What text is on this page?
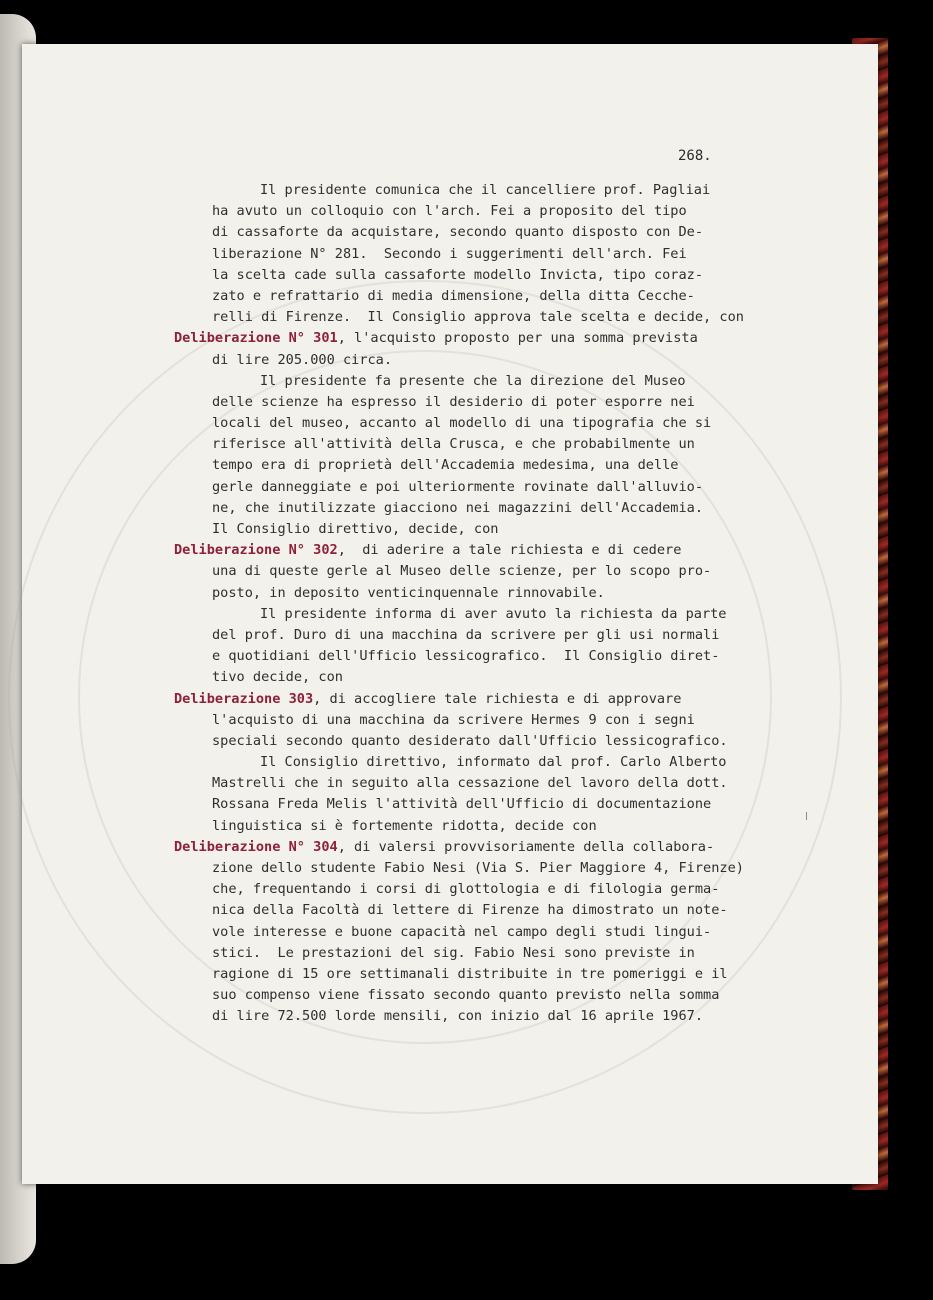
268.
Il presidente comunica che il cancelliere prof. Pagliai
ha avuto un colloquio con l'arch. Fei a proposito del tipo
di cassaforte da acquistare, secondo quanto disposto con De-
liberazione N° 281.  Secondo i suggerimenti dell'arch. Fei
la scelta cade sulla cassaforte modello Invicta, tipo coraz-
zato e refrattario di media dimensione, della ditta Cecche-
relli di Firenze.  Il Consiglio approva tale scelta e decide, con
Deliberazione N° 301, l'acquisto proposto per una somma prevista
di lire 205.000 circa.
Il presidente fa presente che la direzione del Museo
delle scienze ha espresso il desiderio di poter esporre nei
locali del museo, accanto al modello di una tipografia che si
riferisce all'attività della Crusca, e che probabilmente un
tempo era di proprietà dell'Accademia medesima, una delle
gerle danneggiate e poi ulteriormente rovinate dall'alluvio-
ne, che inutilizzate giacciono nei magazzini dell'Accademia.
Il Consiglio direttivo, decide, con
Deliberazione N° 302,  di aderire a tale richiesta e di cedere
una di queste gerle al Museo delle scienze, per lo scopo pro-
posto, in deposito venticinquennale rinnovabile.
Il presidente informa di aver avuto la richiesta da parte
del prof. Duro di una macchina da scrivere per gli usi normali
e quotidiani dell'Ufficio lessicografico.  Il Consiglio diret-
tivo decide, con
Deliberazione 303, di accogliere tale richiesta e di approvare
l'acquisto di una macchina da scrivere Hermes 9 con i segni
speciali secondo quanto desiderato dall'Ufficio lessicografico.
Il Consiglio direttivo, informato dal prof. Carlo Alberto
Mastrelli che in seguito alla cessazione del lavoro della dott.
Rossana Freda Melis l'attività dell'Ufficio di documentazione
linguistica si è fortemente ridotta, decide con
Deliberazione N° 304, di valersi provvisoriamente della collabora-
zione dello studente Fabio Nesi (Via S. Pier Maggiore 4, Firenze)
che, frequentando i corsi di glottologia e di filologia germa-
nica della Facoltà di lettere di Firenze ha dimostrato un note-
vole interesse e buone capacità nel campo degli studi lingui-
stici.  Le prestazioni del sig. Fabio Nesi sono previste in
ragione di 15 ore settimanali distribuite in tre pomeriggi e il
suo compenso viene fissato secondo quanto previsto nella somma
di lire 72.500 lorde mensili, con inizio dal 16 aprile 1967.
